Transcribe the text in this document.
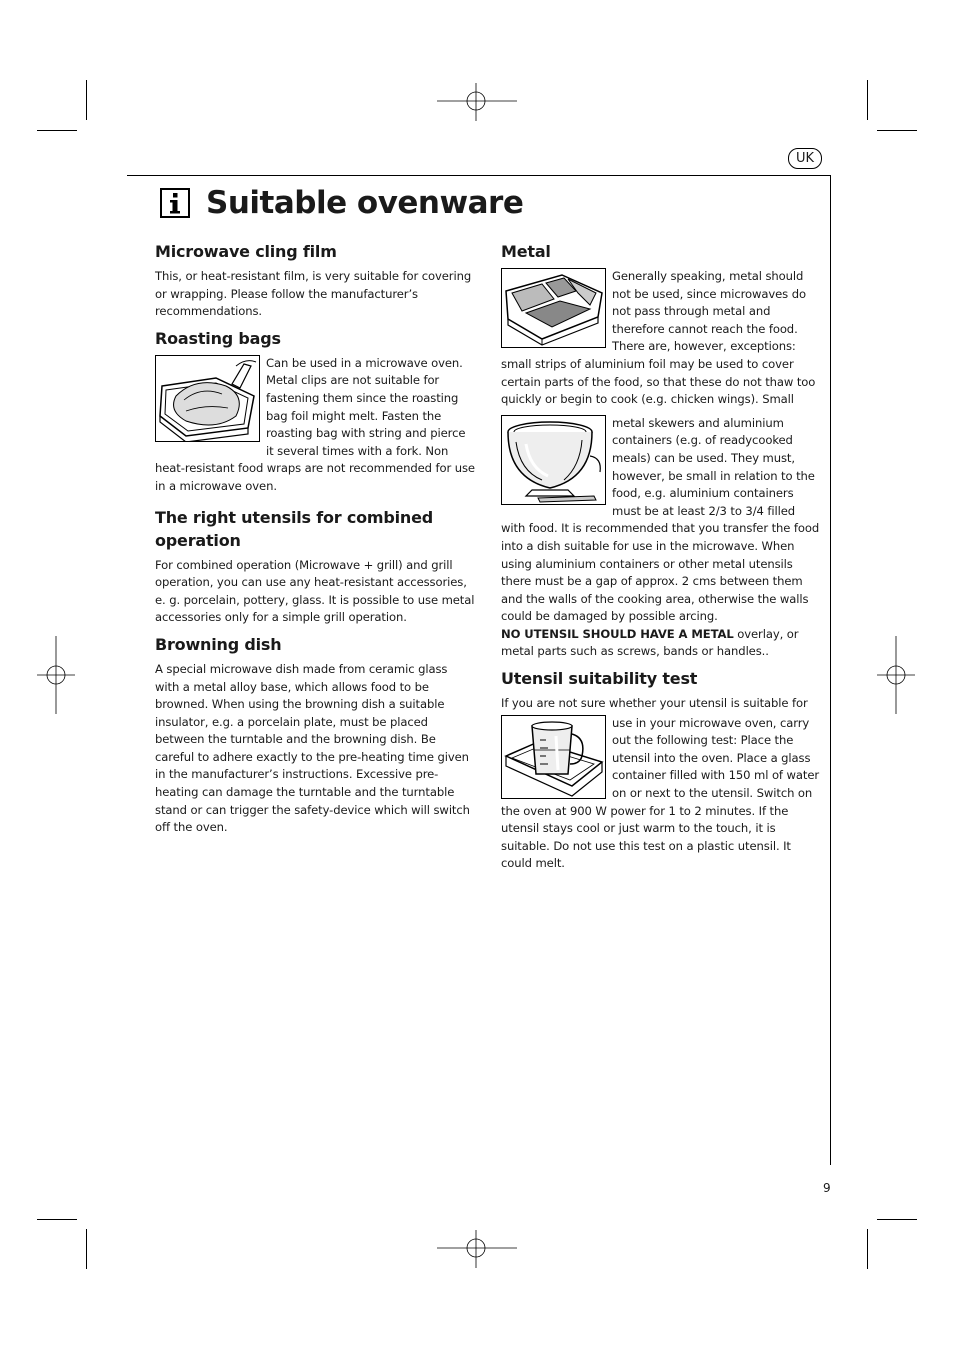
UK
Suitable ovenware
Microwave cling film

This, or heat-resistant film, is very suitable for covering or wrapping. Please follow the manufacturer’s recommendations.

Roasting bags

Can be used in a microwave oven. Metal clips are not suitable for fastening them since the roasting bag foil might melt. Fasten the roasting bag with string and pierce it several times with a fork. Non heat-resistant food wraps are not recommended for use in a microwave oven.

The right utensils for combined operation

For combined operation (Microwave + grill) and grill operation, you can use any heat-resistant accessories, e. g. porcelain, pottery, glass. It is possible to use metal accessories only for a simple grill operation.

Browning dish

A special microwave dish made from ceramic glass with a metal alloy base, which allows food to be browned. When using the browning dish a suitable insulator, e.g. a porcelain plate, must be placed between the turntable and the browning dish. Be careful to adhere exactly to the pre-heating time given in the manufacturer’s instructions. Excessive pre-heating can damage the turntable and the turntable stand or can trigger the safety-device which will switch off the oven.

Metal

Generally speaking, metal should not be used, since microwaves do not pass through metal and therefore cannot reach the food. There are, however, exceptions: small strips of aluminium foil may be used to cover certain parts of the food, so that these do not thaw too quickly or begin to cook (e.g. chicken wings). Small

metal skewers and aluminium containers (e.g. of readycooked meals) can be used. They must, however, be small in relation to the food, e.g. aluminium containers must be at least 2/3 to 3/4 filled with food. It is recommended that you transfer the food into a dish suitable for use in the microwave. When using aluminium containers or other metal utensils there must be a gap of approx. 2 cms between them and the walls of the cooking area, otherwise the walls could be damaged by possible arcing.

NO UTENSIL SHOULD HAVE A METAL overlay, or metal parts such as screws, bands or handles..

Utensil suitability test

If you are not sure whether your utensil is suitable for

use in your microwave oven, carry out the following test: Place the utensil into the oven. Place a glass container filled with 150 ml of water on or next to the utensil. Switch on the oven at 900 W power for 1 to 2 minutes. If the utensil stays cool or just warm to the touch, it is suitable. Do not use this test on a plastic utensil. It could melt.

9
